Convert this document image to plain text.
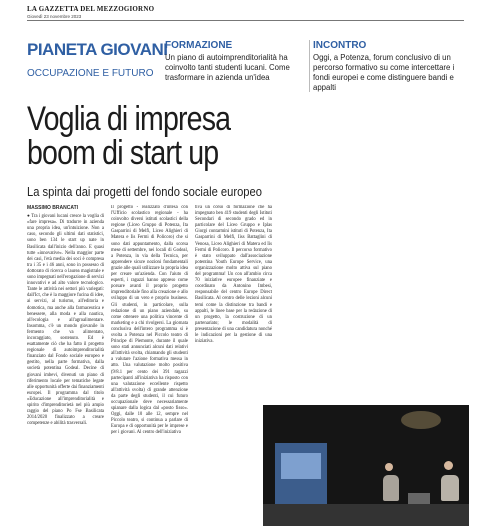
LA GAZZETTA DEL MEZZOGIORNO
Giovedì 23 novembre 2023
PIANETA GIOVANI
OCCUPAZIONE E FUTURO
FORMAZIONE
Un piano di autoimprenditorialità ha coinvolto tanti studenti lucani. Come trasformare in azienda un'idea
INCONTRO
Oggi, a Potenza, forum conclusivo di un percorso formativo su come intercettare i fondi europei e come distinguere bandi e appalti
Voglia di impresa
boom di start up
La spinta dai progetti del fondo sociale europeo
MASSIMO BRANCATI

● Tra i giovani lucani cresce la voglia di «fare impresa». Di tradurre in azienda una propria idea, un'intuizione. Non a caso, secondo gli ultimi dati statistici, sono ben 134 le start up nate in Basilicata dall'inizio dell'anno. E quasi tutte «innovative». Nella maggior parte dei casi, l'età media dei soci è compresa tra i 35 e i 46 anni, sono in possesso di dottorato di ricerca o laurea magistrale e sono impegnati nell'erogazione di servizi innovativi e ad alto valore tecnologico. Tante le attività nei settori più variegati: dall'Ict, che è la maggiore fucina di idee, ai servizi, al turismo, all'editoria e domotica, ma anche alla farmaceutica e benessere, alla moda e alla nautica, all'ecologia e all'agroalimentare. Insomma, c'è un mondo giovanile in fermento che va alimentato, incoraggiato, sostenuto. Ed è esattamente ciò che ha fatto il progetto regionale di autoimprenditorialità finanziato dal Fondo sociale europeo e gestito, nella parte formativa, dalla società potentina Godeal. Decine di giovani imbevi, divenuti un piano di riferimento locale per tematiche legate alle opportunità offerte dai finanziamenti europei. Il programma dal titolo «Educazione all'imprenditorialità e spirito d'imprenditorietà nel più ampio raggio del piano Po Fse Basilicata 2014/2020 finalizzato a creare competenze e abilità trasversali.

Il progetto - realizzato d'intesa con l'Ufficio scolastico regionale - ha coinvolto diversi istituti scolastici della regione (Liceo Gruppo di Potenza, Ita Gasparrini di Melfi, Liceo Alighieri di Matera e Iis Fermi di Policoro) che si sono dati appuntamento, dalla scorsa mese di settembre, nei locali di Godeal, a Potenza, in via della Tecnica, per apprendere sicure nozioni fondamentali grazie alle quali utilizzare la propria idea per creare un'azienda. Con l'aiuto di esperti, i ragazzi hanno appreso come porsare avanti il proprio progetto imprenditoriale fino alla creazione e allo sviluppo di un vero e proprio business. Gli studenti, in particolare, sulla redazione di un piano aziendale, su come ottenere una politica vincente di marketing e a chi rivolgersi. La giornata conclusiva dell'intero programma si è svolta a Potenza nel Piccolo teatro di Principe di Piemonte, durante il quale sono stati annunciati alcuni dati relativi all'attività svolta, chiamando gli studenti a valutare l'azione formativa messa in atto. Una valutazione molto positiva (9/8.1 per cento dei 391 ragazzi partecipanti all'iniziativa ha risposto con una valutazione eccellente rispetto all'attività svolta) di grande attenzione da parte degli studenti, il cui futuro occupazionale deve necessariamente spianare dalla logica dal «posto fisso». Oggi, dalle 10 alle 12, sempre nel Piccolo teatro, si continua a parlare di Europa e di opportunità per le imprese e per i giovani. Al centro dell'iniziativa

tiva un corso di formazione che ha impegnato ben 419 studenti degli Istituti Secondari di secondo grado ed in particolare del Liceo Gruppo e Iplas Giorgi contarmini istituti di Potenza, Ita Gasparrini di Melfi, Iiss Battaglini di Venosa, Liceo Alighieri di Matera ed Iis Fermi di Policoro. Il percorso formativo è stato sviluppato dall'associazione potentina Youth Europe Service, una organizzazione molto attiva sul piano del programma! Un con all'ambio circa 70 iniziative europee finanziate e coordinato da Antonino Imbesi, responsabile del centro Europe Direct Basilicata. Al centro delle lezioni alcuni temi come la distinzione tra bandi e appalti, le linee base per la redazione di un progetto, la costruzione di un partenariato; le modalità di presentazione di una candidatura nonché le indicazioni per la gestione di una iniziativa.
